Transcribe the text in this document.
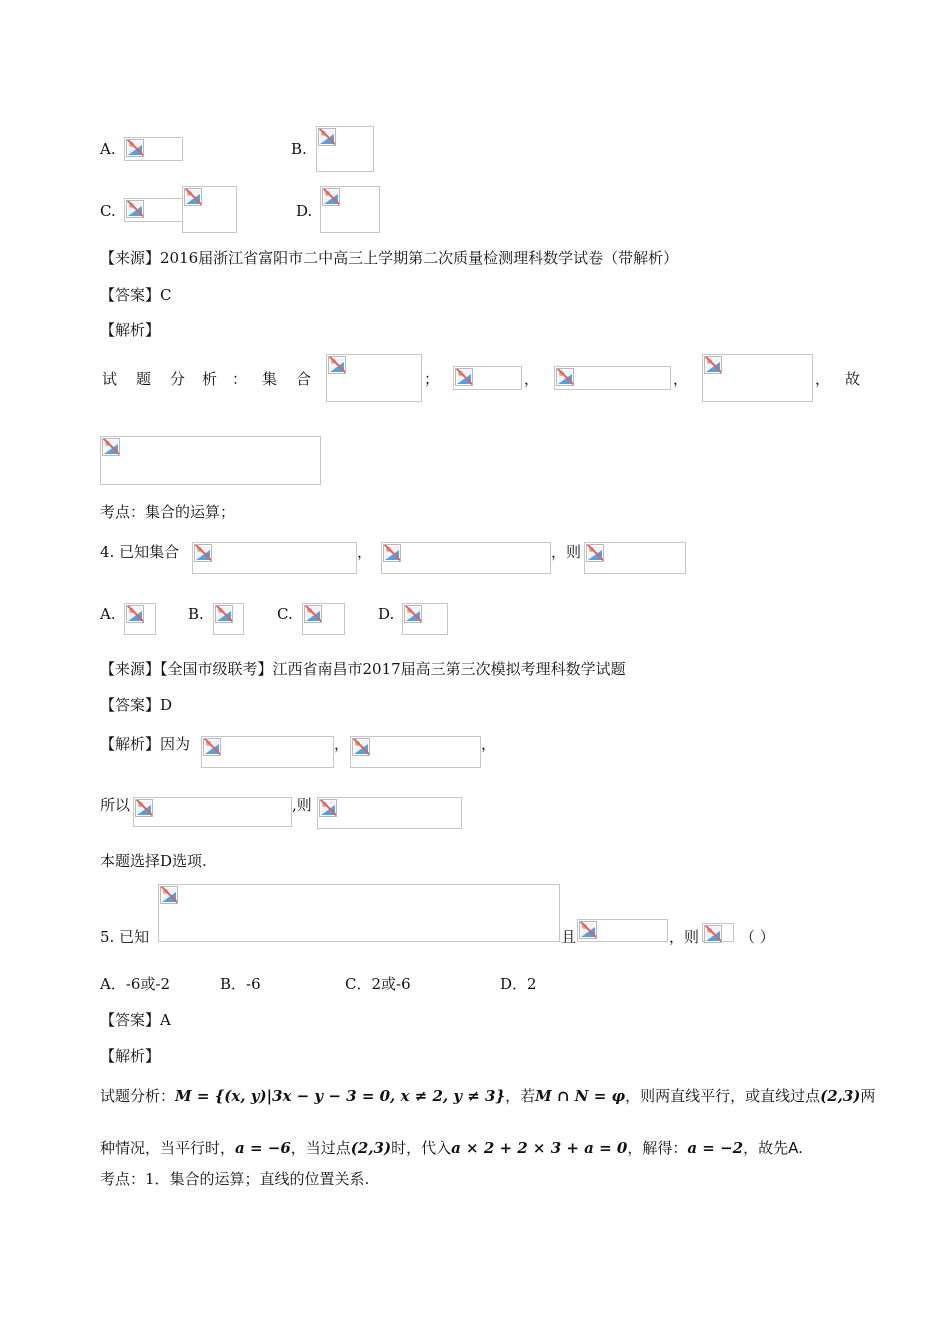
A.	B.
C.	D.
【来源】2016届浙江省富阳市二中高三上学期第二次质量检测理科数学试卷（带解析）
【答案】C
【解析】
试 题 分 析 ： 集 合	；	，	，	， 故
考点：集合的运算；
4. 已知集合	，	，则
A.	B.	C.	D.
【来源】【全国市级联考】江西省南昌市2017届高三第三次模拟考理科数学试题
【答案】D
【解析】因为	，	，
所以	,则
本题选择D选项.
5. 已知	且	，则	（ ）
A．-6或-2	B．-6	C．2或-6	D．2
【答案】A
【解析】
试题分析：M = {(x, y)|3x − y − 3 = 0, x ≠ 2, y ≠ 3}，若M ∩ N = φ，则两直线平行，或直线过点(2,3)两
种情况，当平行时，a = −6，当过点(2,3)时，代入a × 2 + 2 × 3 + a = 0，解得：a = −2，故先A.
考点：1．集合的运算；直线的位置关系.
